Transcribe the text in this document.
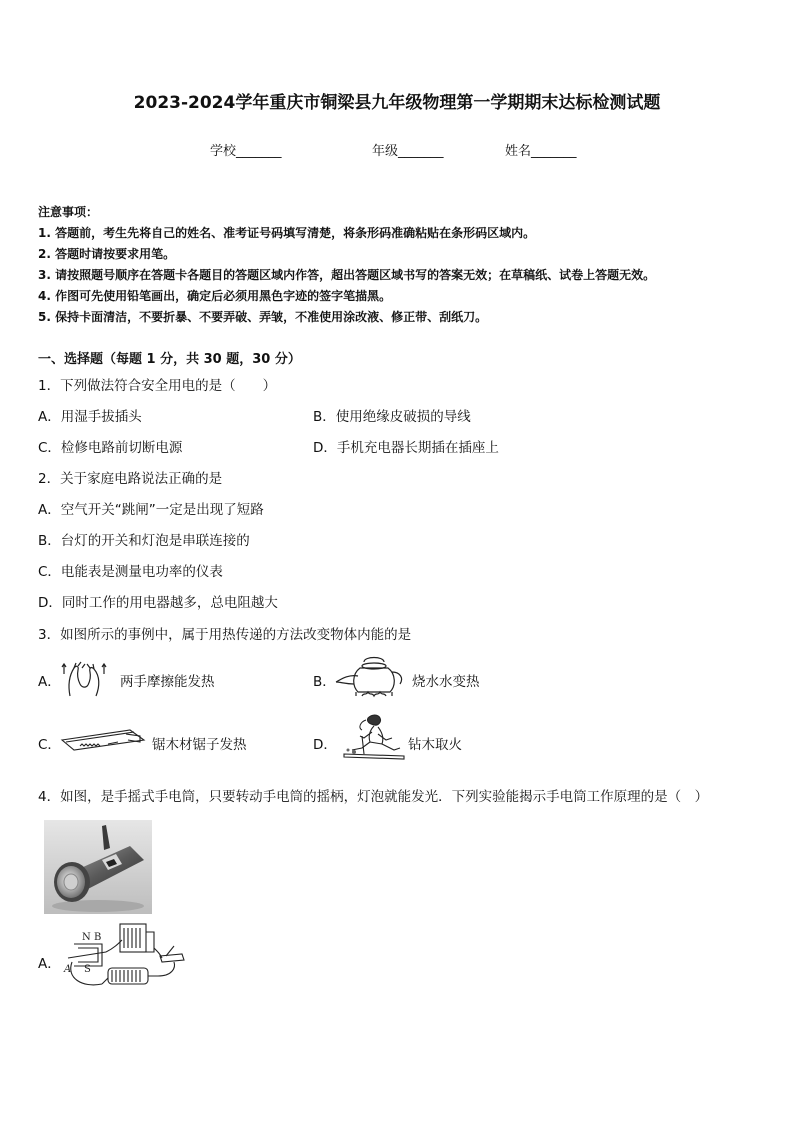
2023-2024学年重庆市铜梁县九年级物理第一学期期末达标检测试题
学校_______	年级_______	姓名_______
注意事项：
1. 答题前，考生先将自己的姓名、准考证号码填写清楚，将条形码准确粘贴在条形码区域内。
2. 答题时请按要求用笔。
3. 请按照题号顺序在答题卡各题目的答题区域内作答，超出答题区域书写的答案无效；在草稿纸、试卷上答题无效。
4. 作图可先使用铅笔画出，确定后必须用黑色字迹的签字笔描黑。
5. 保持卡面清洁，不要折暴、不要弄破、弄皱，不准使用涂改液、修正带、刮纸刀。
一、选择题（每题 1 分，共 30 题，30 分）
1．下列做法符合安全用电的是（　　）
A．用湿手拔插头	B．使用绝缘皮破损的导线
C．检修电路前切断电源	D．手机充电器长期插在插座上
2．关于家庭电路说法正确的是
A．空气开关“跳闸”一定是出现了短路
B．台灯的开关和灯泡是串联连接的
C．电能表是测量电功率的仪表
D．同时工作的用电器越多，总电阻越大
3．如图所示的事例中，属于用热传递的方法改变物体内能的是
A．	两手摩擦能发热	B．	烧水水变热
C．	锯木材锯子发热	D．	钻木取火
4．如图，是手摇式手电筒，只要转动手电筒的摇柄，灯泡就能发光．下列实验能揭示手电筒工作原理的是（　）
A．
N B
A S
